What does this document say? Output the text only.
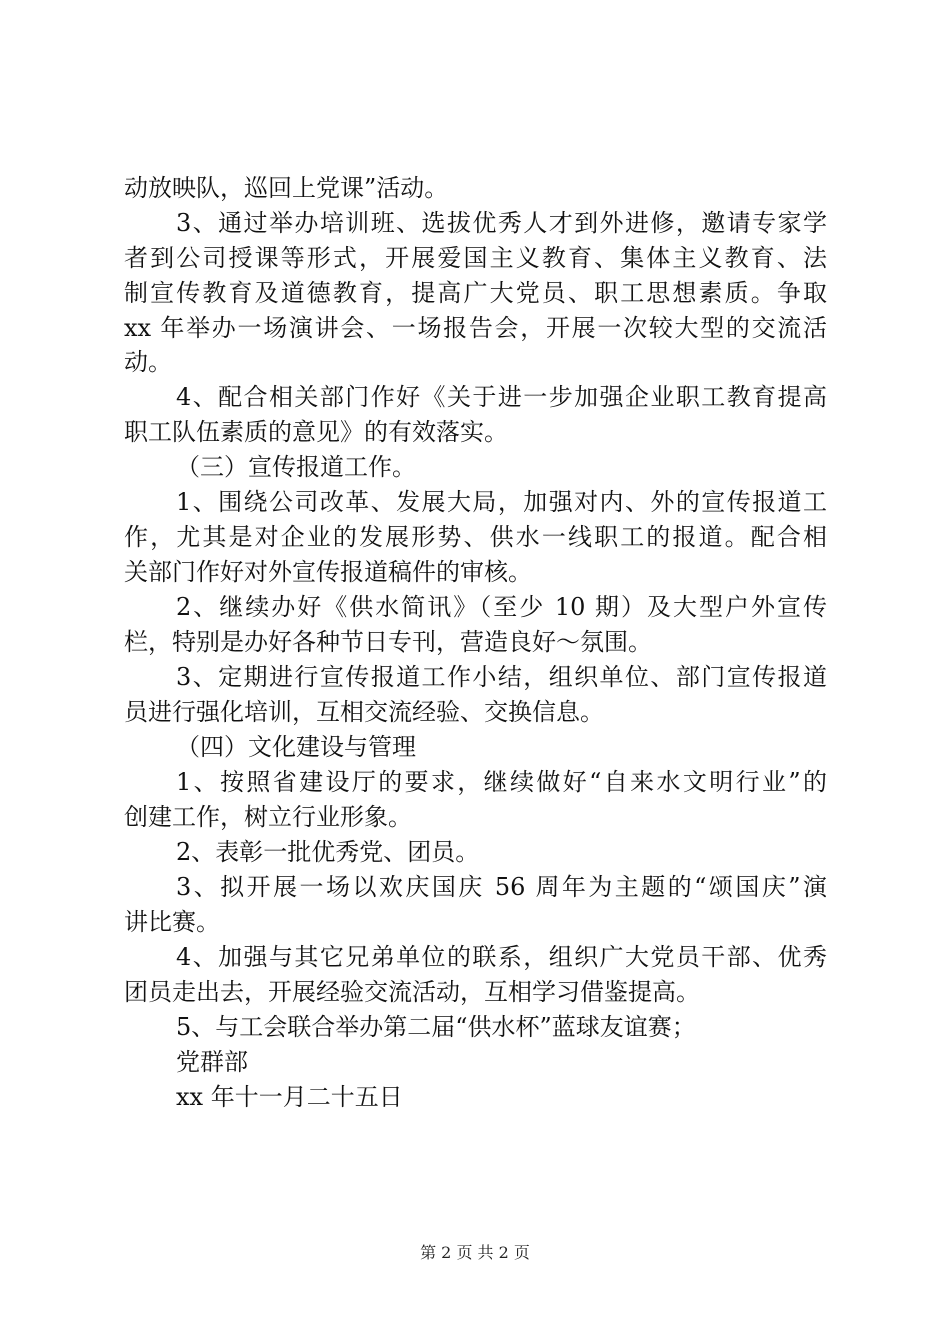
动放映队，巡回上党课”活动。
3、通过举办培训班、选拔优秀人才到外进修，邀请专家学
者到公司授课等形式，开展爱国主义教育、集体主义教育、法
制宣传教育及道德教育，提高广大党员、职工思想素质。争取
xx 年举办一场演讲会、一场报告会，开展一次较大型的交流活
动。
4、配合相关部门作好《关于进一步加强企业职工教育提高
职工队伍素质的意见》的有效落实。
（三）宣传报道工作。
1、围绕公司改革、发展大局，加强对内、外的宣传报道工
作，尤其是对企业的发展形势、供水一线职工的报道。配合相
关部门作好对外宣传报道稿件的审核。
2、继续办好《供水简讯》（至少 10 期）及大型户外宣传
栏，特别是办好各种节日专刊，营造良好～氛围。
3、定期进行宣传报道工作小结，组织单位、部门宣传报道
员进行强化培训，互相交流经验、交换信息。
（四）文化建设与管理
1、按照省建设厅的要求，继续做好“自来水文明行业”的
创建工作，树立行业形象。
2、表彰一批优秀党、团员。
3、拟开展一场以欢庆国庆 56 周年为主题的“颂国庆”演
讲比赛。
4、加强与其它兄弟单位的联系，组织广大党员干部、优秀
团员走出去，开展经验交流活动，互相学习借鉴提高。
5、与工会联合举办第二届“供水杯”蓝球友谊赛；
党群部
xx 年十一月二十五日
第 2 页 共 2 页
